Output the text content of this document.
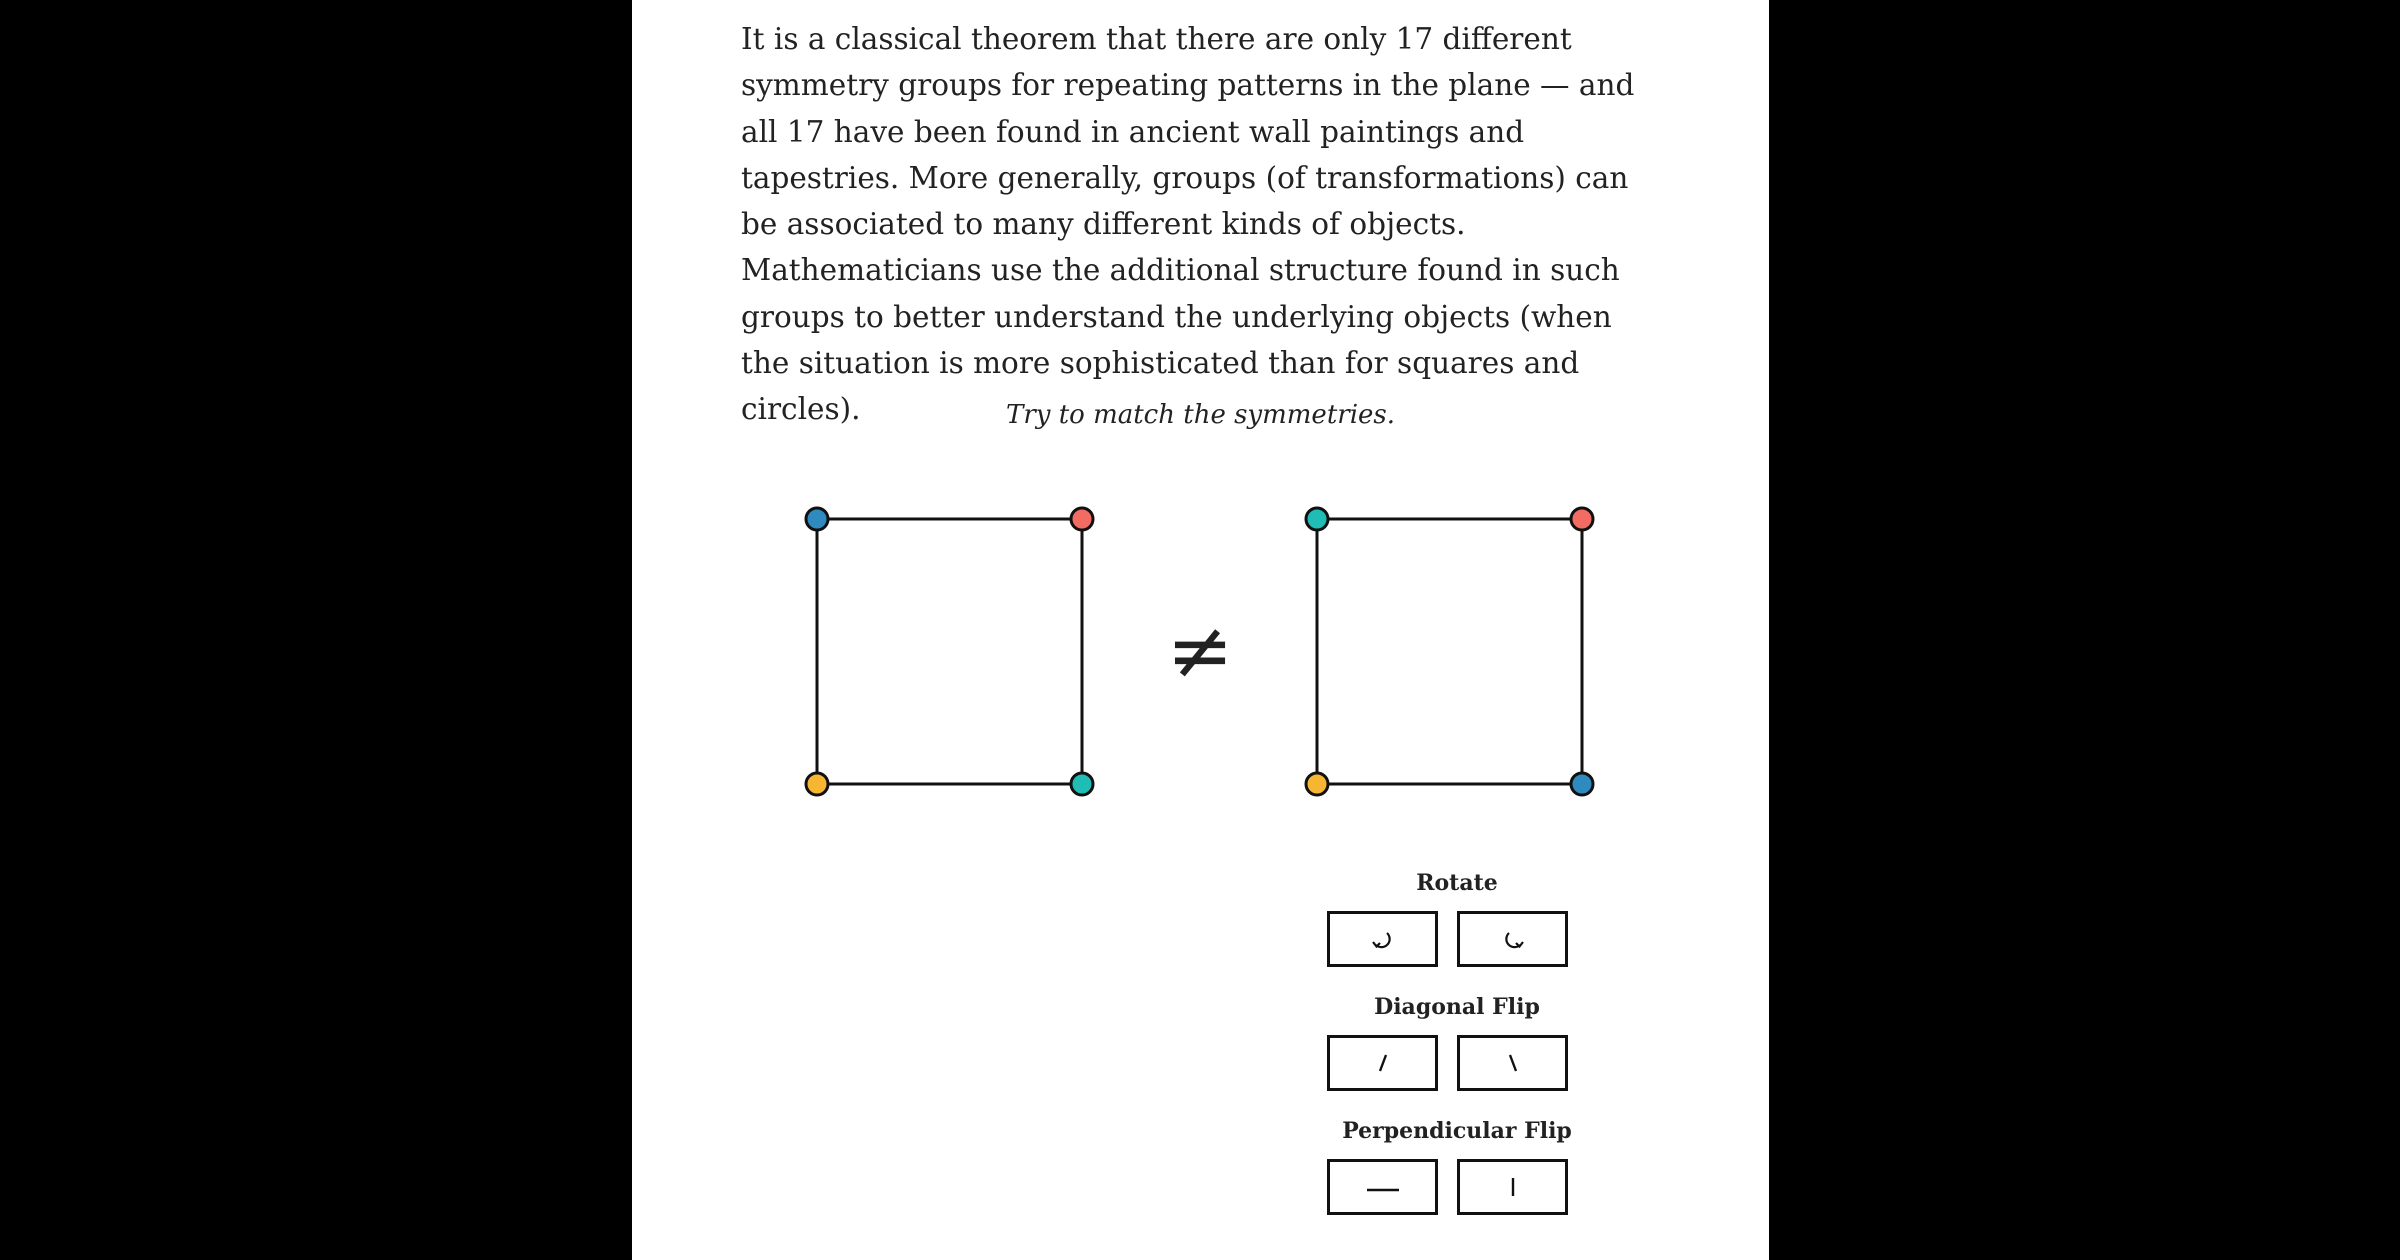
It is a classical theorem that there are only 17 different symmetry groups for repeating patterns in the plane — and all 17 have been found in ancient wall paintings and tapestries. More generally, groups (of transformations) can be associated to many different kinds of objects. Mathematicians use the additional structure found in such groups to better understand the underlying objects (when the situation is more sophisticated than for squares and circles).	Try to match the symmetries.
≠
Rotate
Diagonal Flip
Perpendicular Flip
